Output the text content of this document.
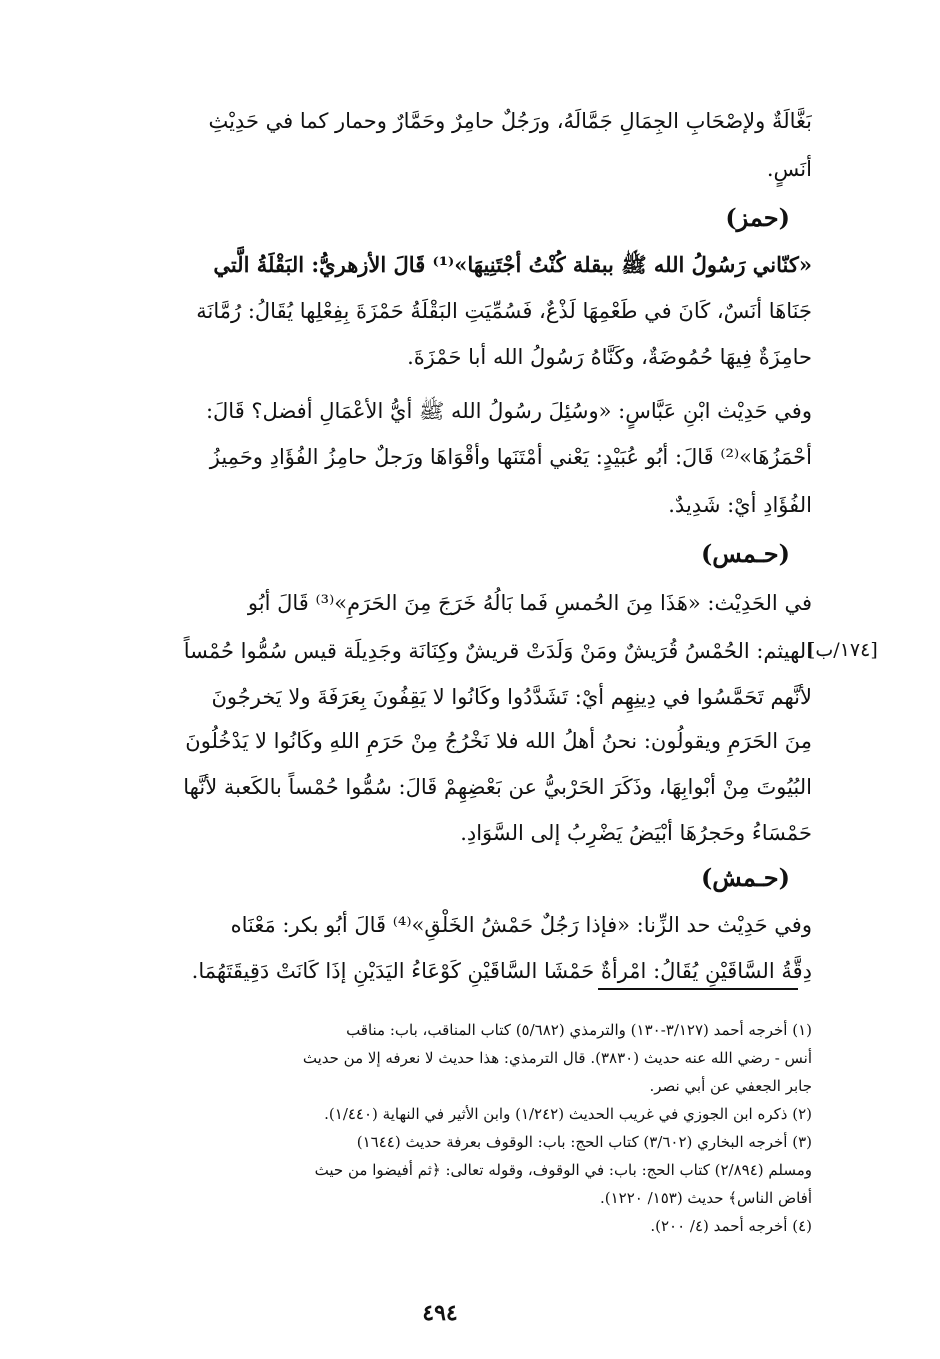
بَغَّالَةٌ ولإصْحَابِ الجِمَالِ جَمَّالَهُ، ورَجُلٌ حامِرٌ وحَمَّارٌ وحمار كما في حَدِيْثِ
أنَسٍ.
(حمز)
«كنّاني رَسُولُ الله ﷺ ببقلة كُنْتُ أجْتَنِيهَا»⁽¹⁾ قَالَ الأزهريُّ: البَقْلَةُ الَّتي
جَنَاهَا أنَسٌ، كَانَ في طَعْمِهَا لَذْعٌ، فَسُمِّيَتِ البَقْلَةُ حَمْزَةَ بِفِعْلِها يُقَالُ: رُمَّانَة
حامِزَةٌ فِيهَا حُمُوضَةٌ، وكَنَّاهُ رَسُولُ الله أبا حَمْزَةَ.
وفي حَدِيْث ابْنِ عَبَّاسٍ: «وسُئِلَ رسُولُ الله ﷺ أيُّ الأعْمَالِ أفضل؟ قَالَ:
أحْمَزُهَا»⁽²⁾ قَالَ: أبُو عُبَيْدٍ: يَعْني أمْتَنَها وأقْوَاهَا ورَجلٌ حامِزُ الفُؤَادِ وحَمِيزُ
الفُؤَادِ أيْ: شَدِيدٌ.
(حـمس)
في الحَدِيْث: «هَذَا مِنَ الحُمسِ فَما بَالُهُ خَرَجَ مِنَ الحَرَمِ»⁽³⁾ قَالَ أبُو
الهيثم: الحُمْسُ قُرَيشٌ ومَنْ وَلَدَتْ قريشٌ وكِنَانَة وجَدِيلَة قيس سُمُّوا حُمْساً
[١٧٤/ب]
لأنَّهم تَحَمَّسُوا في دِينِهِم أيْ: تَشَدَّدُوا وكَانُوا لا يَقِفُونَ بِعَرَفَةَ ولا يَخرجُونَ
مِنَ الحَرَمِ ويقولُون: نحنُ أهلُ الله فلا نَخْرُجُ مِنْ حَرَمِ اللهِ وكَانُوا لا يَدْخُلُونَ
البُيُوتَ مِنْ أبْوابِهَا، وذَكَرَ الحَرْبيُّ عن بَعْضِهِمْ قَالَ: سُمُّوا حُمْساً بالكَعبة لأنَّها
حَمْسَاءُ وحَجرُهَا أبْيَضُ يَضْرِبُ إلى السَّوَادِ.
(حـمش)
وفي حَدِيْث حد الزِّنا: «فإذا رَجُلٌ حَمْشُ الخَلْقِ»⁽⁴⁾ قَالَ أبُو بكر: مَعْنَاه
دِقَّةُ السَّاقَيْنِ يُقَالُ: امْرأةٌ حَمْشَا السَّاقَيْنِ كَوْعَاءُ اليَدَيْنِ إذَا كَانَتْ دَقِيقَتَهُمَا.
(١) أخرجه أحمد (٣/١٢٧-١٣٠) والترمذي (٥/٦٨٢) كتاب المناقب، باب: مناقب
أنس - رضي الله عنه حديث (٣٨٣٠). قال الترمذي: هذا حديث لا نعرفه إلا من حديث
جابر الجعفي عن أبي نصر.
(٢) ذكره ابن الجوزي في غريب الحديث (١/٢٤٢) وابن الأثير في النهاية (١/٤٤٠).
(٣) أخرجه البخاري (٣/٦٠٢) كتاب الحج: باب: الوقوف بعرفة حديث (١٦٤٤)
ومسلم (٢/٨٩٤) كتاب الحج: باب: في الوقوف، وقوله تعالى: ﴿ثم أفيضوا من حيث
أفاض الناس﴾ حديث (١٥٣/ ١٢٢٠).
(٤) أخرجه أحمد (٤/ ٢٠٠).
٤٩٤
